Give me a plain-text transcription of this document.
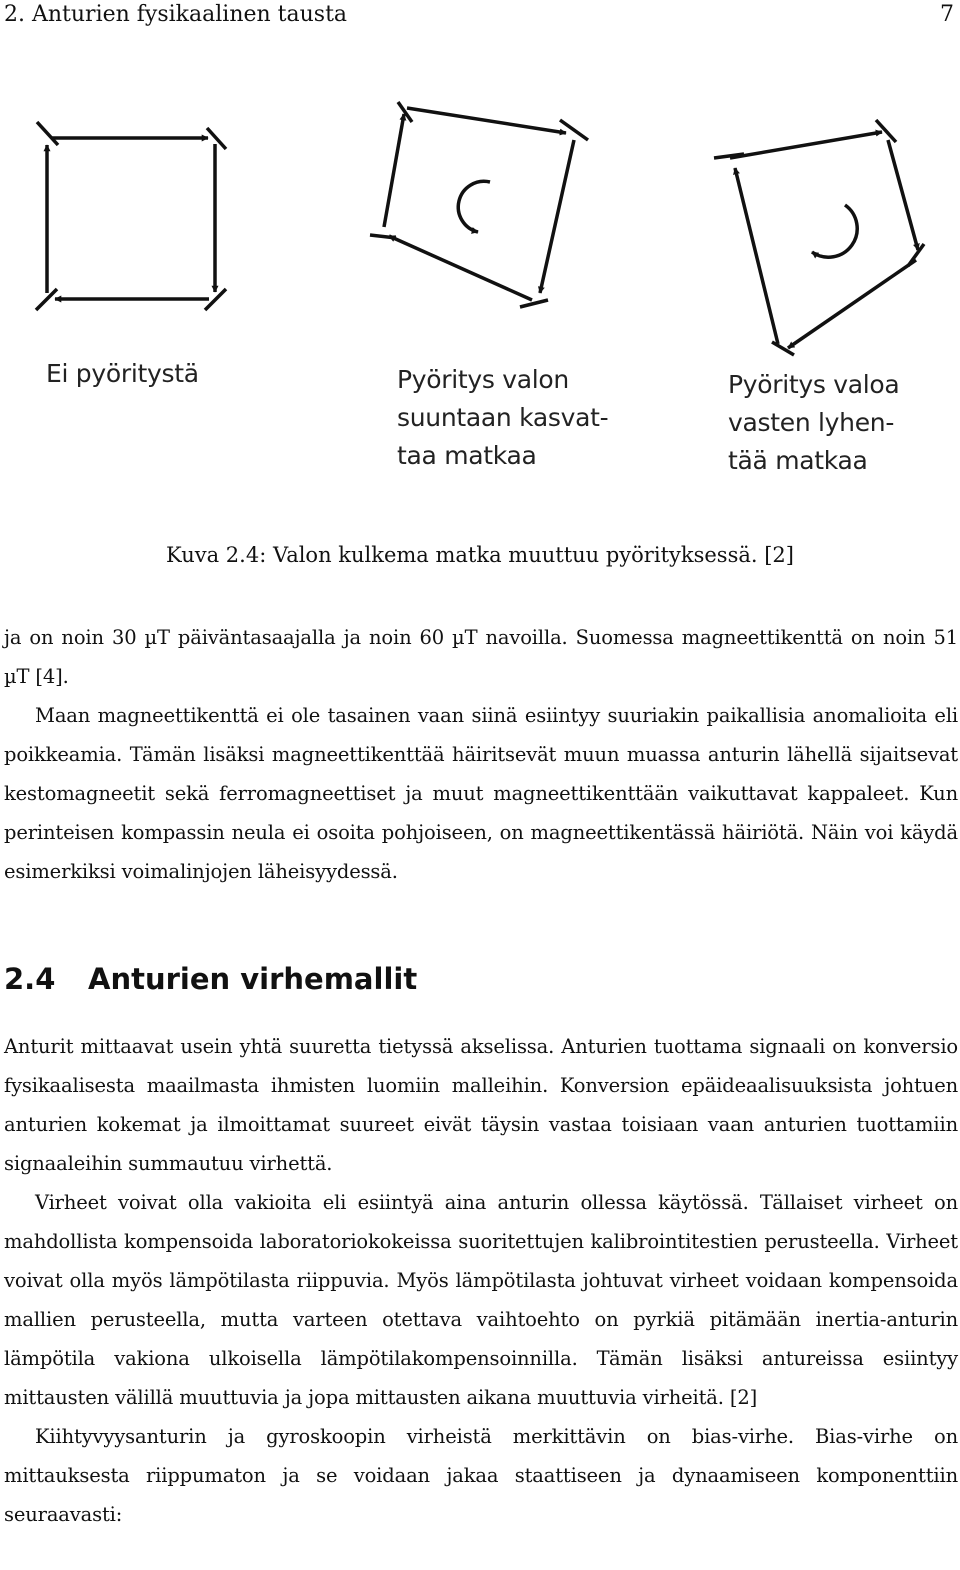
2. Anturien fysikaalinen tausta	7
Ei pyöritystä	Pyöritys valon
suuntaan kasvat-
taa matkaa
Pyöritys valoa
vasten lyhen-
tää matkaa
Kuva 2.4: Valon kulkema matka muuttuu pyörityksessä. [2]

ja on noin 30 µT päiväntasaajalla ja noin 60 µT navoilla. Suomessa magneettikenttä on noin 51 µT [4].

Maan magneettikenttä ei ole tasainen vaan siinä esiintyy suuriakin paikallisia anomalioita eli poikkeamia. Tämän lisäksi magneettikenttää häiritsevät muun muassa anturin lähellä sijaitsevat kestomagneetit sekä ferromagneettiset ja muut magneettikenttään vaikuttavat kappaleet. Kun perinteisen kompassin neula ei osoita pohjoiseen, on magneettikentässä häiriötä. Näin voi käydä esimerkiksi voimalinjojen läheisyydessä.

2.4 Anturien virhemallit

Anturit mittaavat usein yhtä suuretta tietyssä akselissa. Anturien tuottama signaali on konversio fysikaalisesta maailmasta ihmisten luomiin malleihin. Konversion epäideaalisuuksista johtuen anturien kokemat ja ilmoittamat suureet eivät täysin vastaa toisiaan vaan anturien tuottamiin signaaleihin summautuu virhettä.

Virheet voivat olla vakioita eli esiintyä aina anturin ollessa käytössä. Tällaiset virheet on mahdollista kompensoida laboratoriokokeissa suoritettujen kalibrointitestien perusteella. Virheet voivat olla myös lämpötilasta riippuvia. Myös lämpötilasta johtuvat virheet voidaan kompensoida mallien perusteella, mutta varteen otettava vaihtoehto on pyrkiä pitämään inertia-anturin lämpötila vakiona ulkoisella lämpötilakompensoinnilla. Tämän lisäksi antureissa esiintyy mittausten välillä muuttuvia ja jopa mittausten aikana muuttuvia virheitä. [2]

Kiihtyvyysanturin ja gyroskoopin virheistä merkittävin on bias-virhe. Bias-virhe on mittauksesta riippumaton ja se voidaan jakaa staattiseen ja dynaamiseen komponenttiin seuraavasti:
